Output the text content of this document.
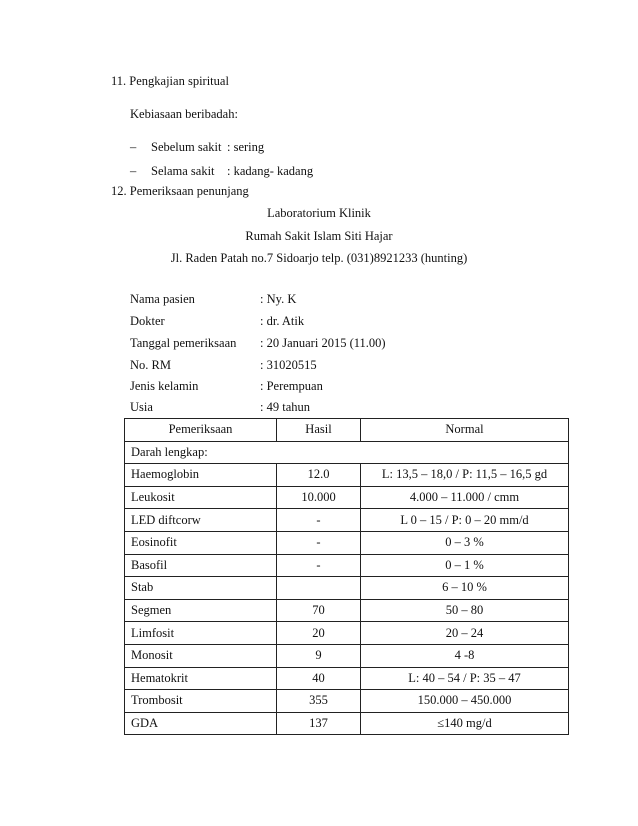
11. Pengkajian spiritual
Kebiasaan beribadah:
– Sebelum sakit : sering
– Selama sakit : kadang- kadang
12. Pemeriksaan penunjang
Laboratorium Klinik
Rumah Sakit Islam Siti Hajar
Jl. Raden Patah no.7 Sidoarjo telp. (031)8921233 (hunting)
Nama pasien	: Ny. K
Dokter	: dr. Atik
Tanggal pemeriksaan : 20 Januari 2015 (11.00)
No. RM	: 31020515
Jenis kelamin	: Perempuan
Usia	: 49 tahun
Pemeriksaan	Hasil	Normal
Darah lengkap:		
Haemoglobin	12.0	L: 13,5 – 18,0 / P: 11,5 – 16,5 gd
Leukosit	10.000	4.000 – 11.000 / cmm
LED diftcorw	-	L 0 – 15 / P: 0 – 20 mm/d
Eosinofit	-	0 – 3 %
Basofil	-	0 – 1 %
Stab		6 – 10 %
Segmen	70	50 – 80
Limfosit	20	20 – 24
Monosit	9	4 -8
Hematokrit	40	L: 40 – 54 / P: 35 – 47
Trombosit	355	150.000 – 450.000
GDA	137	≤140 mg/d
